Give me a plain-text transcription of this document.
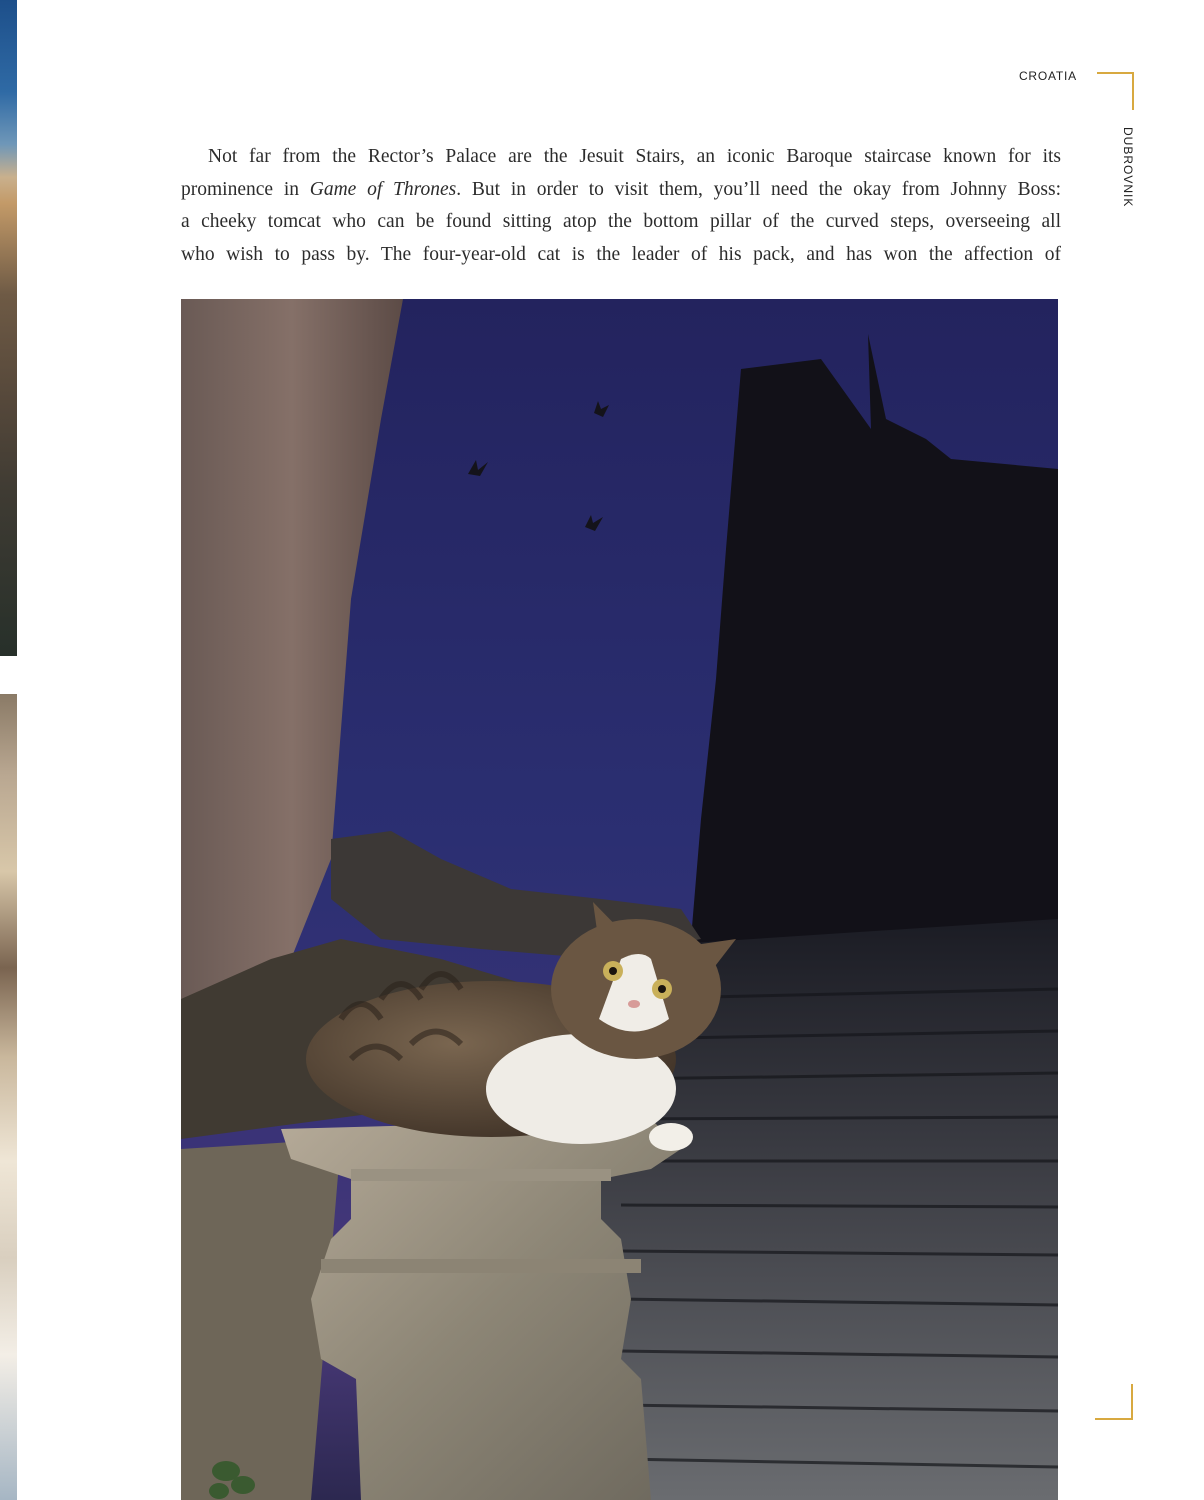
CROATIA
DUBROVNIK
Not far from the Rector’s Palace are the Jesuit Stairs, an iconic Baroque staircase known for its
prominence in Game of Thrones. But in order to visit them, you’ll need the okay from Johnny Boss:
a cheeky tomcat who can be found sitting atop the bottom pillar of the curved steps, overseeing all
who wish to pass by. The four-year-old cat is the leader of his pack, and has won the affection of
